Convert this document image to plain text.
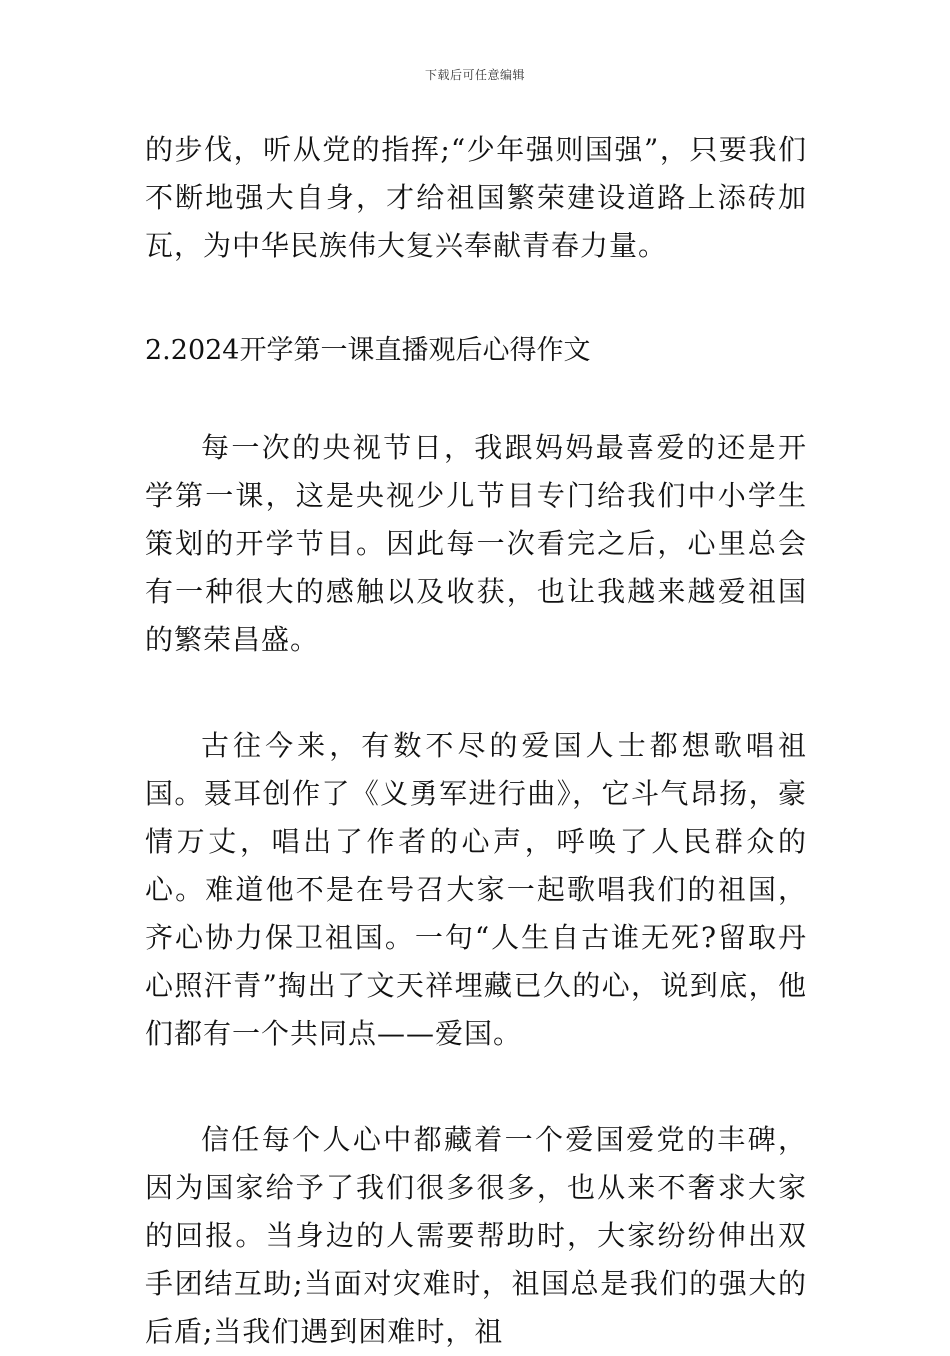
下载后可任意编辑

的步伐，听从党的指挥;“少年强则国强”，只要我们不断地强大自身，才给祖国繁荣建设道路上添砖加瓦，为中华民族伟大复兴奉献青春力量。

2.2024开学第一课直播观后心得作文

每一次的央视节日，我跟妈妈最喜爱的还是开学第一课，这是央视少儿节目专门给我们中小学生策划的开学节目。因此每一次看完之后，心里总会有一种很大的感触以及收获，也让我越来越爱祖国的繁荣昌盛。

古往今来，有数不尽的爱国人士都想歌唱祖国。聂耳创作了《义勇军进行曲》，它斗气昂扬，豪情万丈，唱出了作者的心声，呼唤了人民群众的心。难道他不是在号召大家一起歌唱我们的祖国，齐心协力保卫祖国。一句“人生自古谁无死?留取丹心照汗青”掏出了文天祥埋藏已久的心，说到底，他们都有一个共同点——爱国。

信任每个人心中都藏着一个爱国爱党的丰碑，因为国家给予了我们很多很多，也从来不奢求大家的回报。当身边的人需要帮助时，大家纷纷伸出双手团结互助;当面对灾难时，祖国总是我们的强大的后盾;当我们遇到困难时，祖
